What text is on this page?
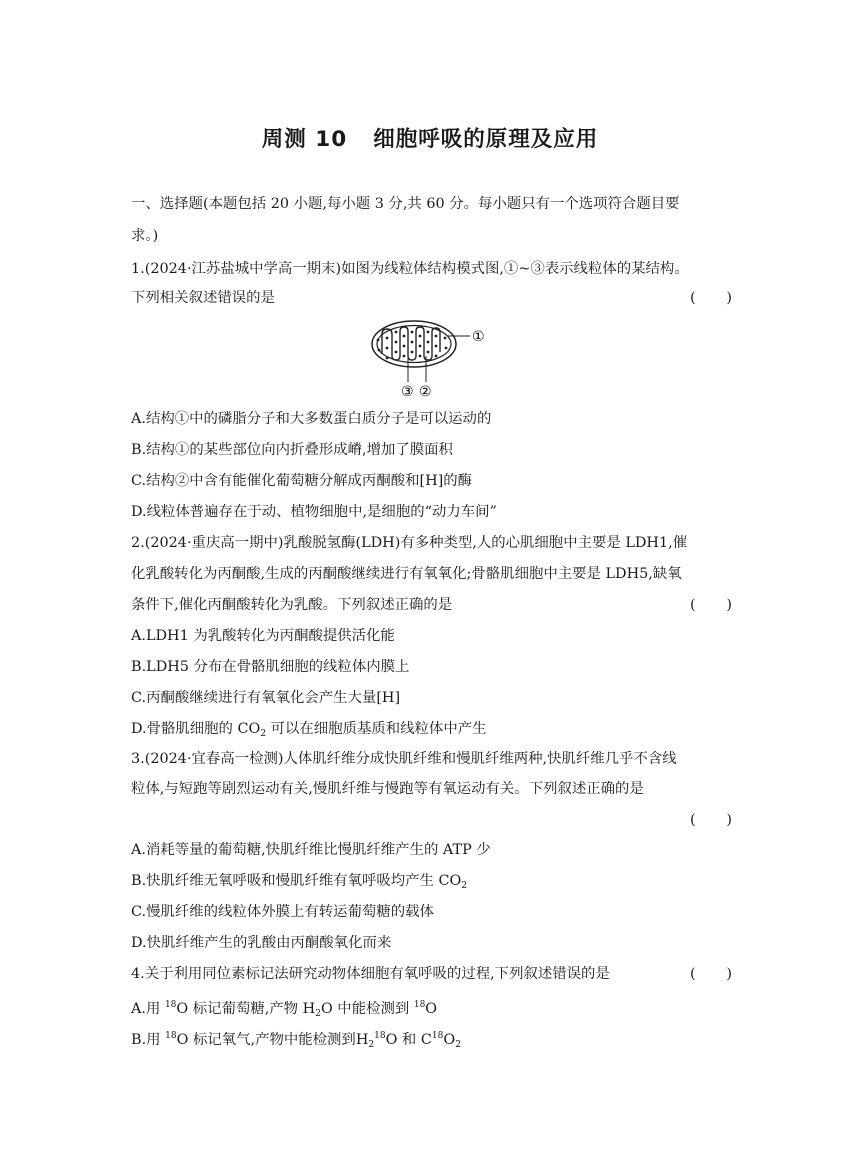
周测 10 细胞呼吸的原理及应用
一、选择题(本题包括 20 小题,每小题 3 分,共 60 分。每小题只有一个选项符合题目要
求。)
1.(2024·江苏盐城中学高一期末)如图为线粒体结构模式图,①~③表示线粒体的某结构。
下列相关叙述错误的是	( )
①
③ ②
A.结构①中的磷脂分子和大多数蛋白质分子是可以运动的
B.结构①的某些部位向内折叠形成嵴,增加了膜面积
C.结构②中含有能催化葡萄糖分解成丙酮酸和[H]的酶
D.线粒体普遍存在于动、植物细胞中,是细胞的“动力车间”
2.(2024·重庆高一期中)乳酸脱氢酶(LDH)有多种类型,人的心肌细胞中主要是 LDH1,催
化乳酸转化为丙酮酸,生成的丙酮酸继续进行有氧氧化;骨骼肌细胞中主要是 LDH5,缺氧
条件下,催化丙酮酸转化为乳酸。下列叙述正确的是	( )
A.LDH1 为乳酸转化为丙酮酸提供活化能
B.LDH5 分布在骨骼肌细胞的线粒体内膜上
C.丙酮酸继续进行有氧氧化会产生大量[H]
D.骨骼肌细胞的 $CO_2$ 可以在细胞质基质和线粒体中产生
3.(2024·宜春高一检测)人体肌纤维分成快肌纤维和慢肌纤维两种,快肌纤维几乎不含线
粒体,与短跑等剧烈运动有关,慢肌纤维与慢跑等有氧运动有关。下列叙述正确的是
( )
A.消耗等量的葡萄糖,快肌纤维比慢肌纤维产生的 ATP 少
B.快肌纤维无氧呼吸和慢肌纤维有氧呼吸均产生 $CO_2$
C.慢肌纤维的线粒体外膜上有转运葡萄糖的载体
D.快肌纤维产生的乳酸由丙酮酸氧化而来
4.关于利用同位素标记法研究动物体细胞有氧呼吸的过程,下列叙述错误的是	( )
A.用 $^{18}$O 标记葡萄糖,产物 $H_2O$ 中能检测到 $^{18}$O
B.用 $^{18}$O 标记氧气,产物中能检测到$H_2^{18}O$ 和 $C^{18}O_2$
